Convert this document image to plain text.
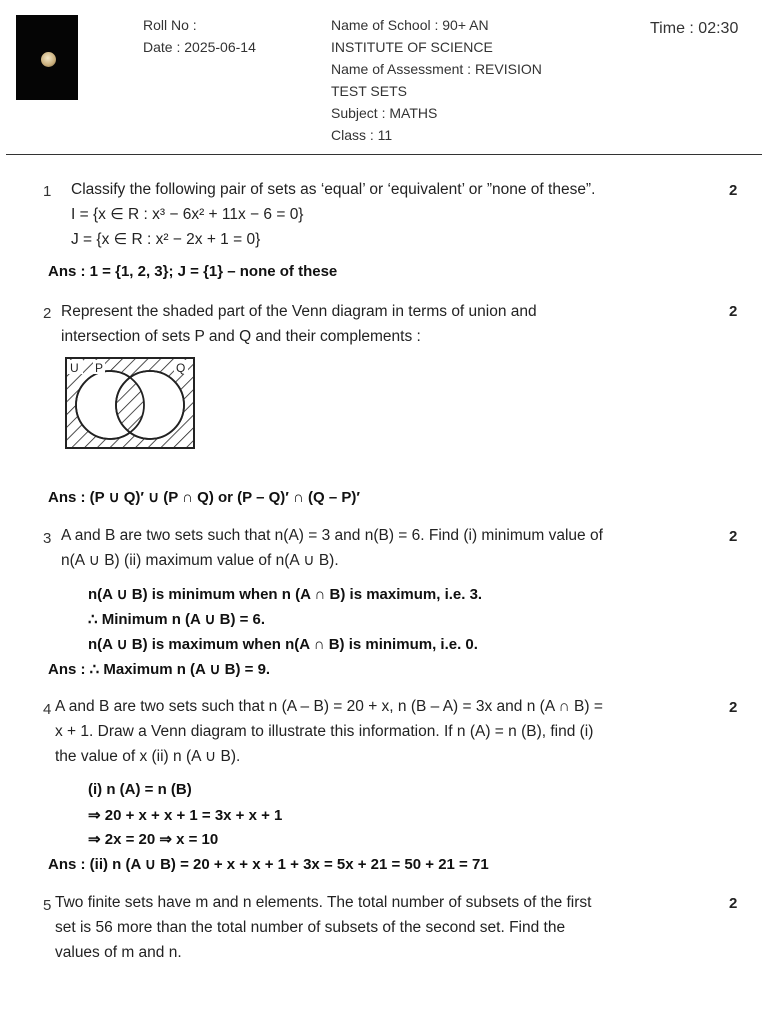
Roll No :
Date : 2025-06-14
Name of School : 90+ AN
INSTITUTE OF SCIENCE
Name of Assessment : REVISION
TEST SETS
Subject : MATHS
Class : 11
Time : 02:30
1	2
Classify the following pair of sets as ‘equal’ or ‘equivalent’ or ”none of these”.
I = {x ∈ R : x³ − 6x² + 11x − 6 = 0}
J = {x ∈ R : x² − 2x + 1 = 0}
Ans : 1 = {1, 2, 3}; J = {1} – none of these
2	2
Represent the shaded part of the Venn diagram in terms of union and
intersection of sets P and Q and their complements :
U P	Q
Ans : (P ∪ Q)′ ∪ (P ∩ Q) or (P – Q)′ ∩ (Q – P)′
3	2
A and B are two sets such that n(A) = 3 and n(B) = 6. Find (i) minimum value of
n(A ∪ B) (ii) maximum value of n(A ∪ B).
n(A ∪ B) is minimum when n (A ∩ B) is maximum, i.e. 3.
∴ Minimum n (A ∪ B) = 6.
n(A ∪ B) is maximum when n(A ∩ B) is minimum, i.e. 0.
Ans : ∴ Maximum n (A ∪ B) = 9.
4	2
A and B are two sets such that n (A – B) = 20 + x, n (B – A) = 3x and n (A ∩ B) =
x + 1. Draw a Venn diagram to illustrate this information. If n (A) = n (B), find (i)
the value of x (ii) n (A ∪ B).
(i) n (A) = n (B)
⇒ 20 + x + x + 1 = 3x + x + 1
⇒ 2x = 20 ⇒ x = 10
Ans : (ii) n (A ∪ B) = 20 + x + x + 1 + 3x = 5x + 21 = 50 + 21 = 71
5	2
Two finite sets have m and n elements. The total number of subsets of the first
set is 56 more than the total number of subsets of the second set. Find the
values of m and n.
